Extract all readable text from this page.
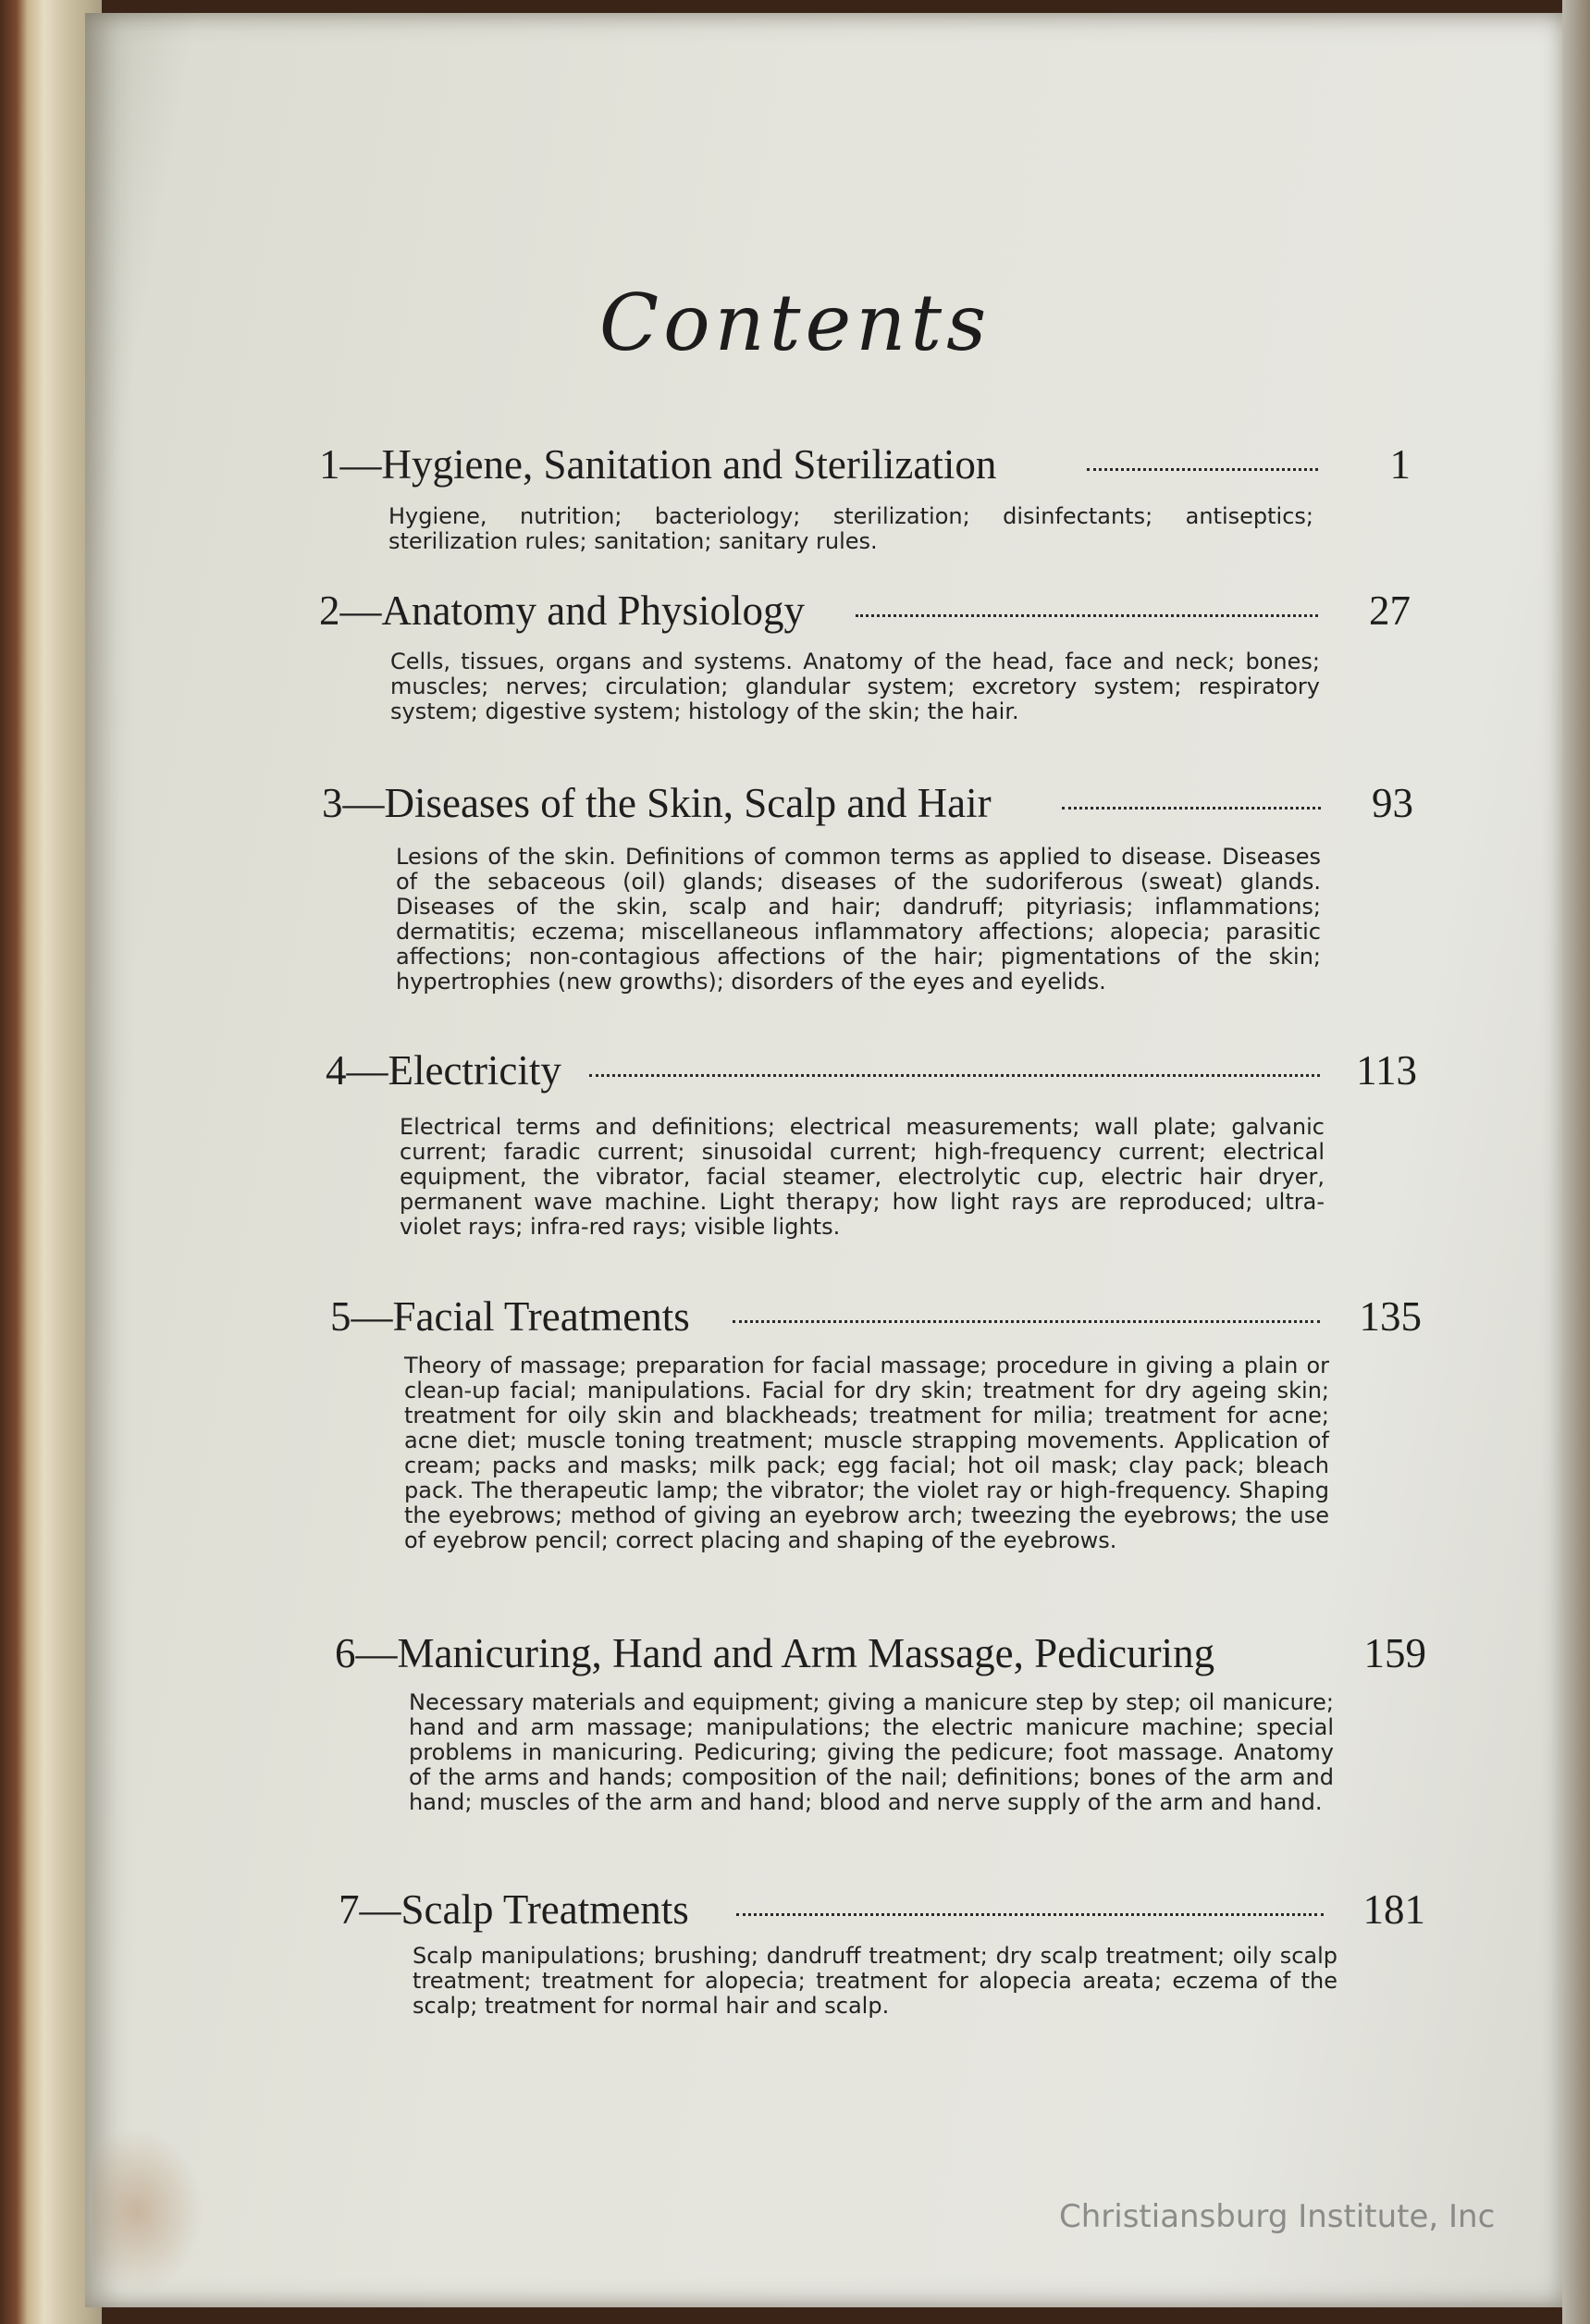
Contents
1—Hygiene, Sanitation and Sterilization	1
Hygiene, nutrition; bacteriology; sterilization; disinfectants; antiseptics; sterilization rules; sanitation; sanitary rules.
2—Anatomy and Physiology	27
Cells, tissues, organs and systems. Anatomy of the head, face and neck; bones; muscles; nerves; circulation; glandular system; excretory system; respiratory system; digestive system; histology of the skin; the hair.
3—Diseases of the Skin, Scalp and Hair	93
Lesions of the skin. Definitions of common terms as applied to disease. Diseases of the sebaceous (oil) glands; diseases of the sudoriferous (sweat) glands. Diseases of the skin, scalp and hair; dandruff; pityriasis; inflammations; dermatitis; eczema; miscellaneous inflammatory affections; alopecia; parasitic affections; non-contagious affections of the hair; pigmentations of the skin; hypertrophies (new growths); disorders of the eyes and eyelids.
4—Electricity	113
Electrical terms and definitions; electrical measurements; wall plate; galvanic current; faradic current; sinusoidal current; high-frequency current; electrical equipment, the vibrator, facial steamer, electrolytic cup, electric hair dryer, permanent wave machine. Light therapy; how light rays are reproduced; ultra-violet rays; infra-red rays; visible lights.
5—Facial Treatments	135
Theory of massage; preparation for facial massage; procedure in giving a plain or clean-up facial; manipulations. Facial for dry skin; treatment for dry ageing skin; treatment for oily skin and blackheads; treatment for milia; treatment for acne; acne diet; muscle toning treatment; muscle strapping movements. Application of cream; packs and masks; milk pack; egg facial; hot oil mask; clay pack; bleach pack. The therapeutic lamp; the vibrator; the violet ray or high-frequency. Shaping the eyebrows; method of giving an eyebrow arch; tweezing the eyebrows; the use of eyebrow pencil; correct placing and shaping of the eyebrows.
6—Manicuring, Hand and Arm Massage, Pedicuring	159
Necessary materials and equipment; giving a manicure step by step; oil manicure; hand and arm massage; manipulations; the electric manicure machine; special problems in manicuring. Pedicuring; giving the pedicure; foot massage. Anatomy of the arms and hands; composition of the nail; definitions; bones of the arm and hand; muscles of the arm and hand; blood and nerve supply of the arm and hand.
7—Scalp Treatments	181
Scalp manipulations; brushing; dandruff treatment; dry scalp treatment; oily scalp treatment; treatment for alopecia; treatment for alopecia areata; eczema of the scalp; treatment for normal hair and scalp.
Christiansburg Institute, Inc
